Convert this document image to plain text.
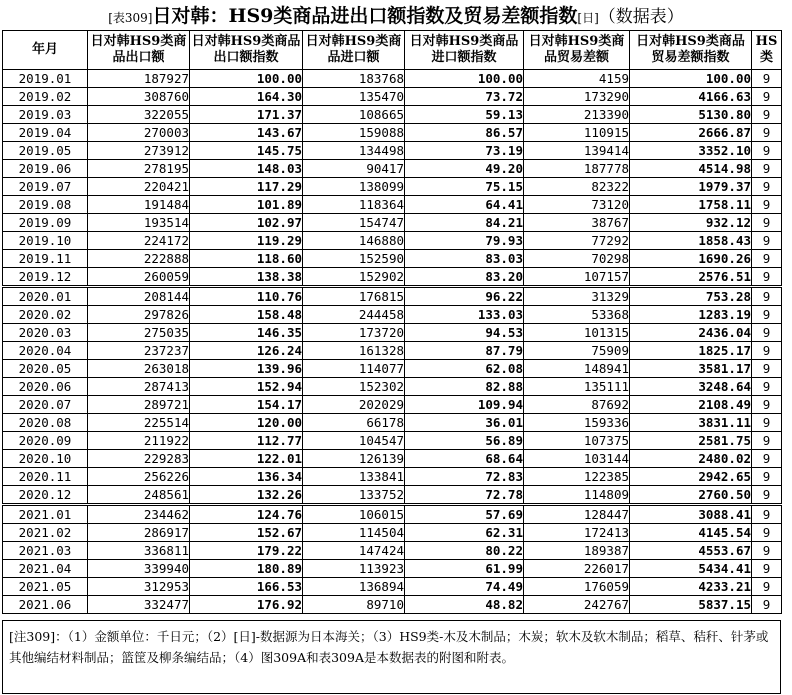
[表309]日对韩：HS9类商品进出口额指数及贸易差额指数[日]（数据表）
年月	日对韩HS9类商品出口额	日对韩HS9类商品出口额指数	日对韩HS9类商品进口额	日对韩HS9类商品进口额指数	日对韩HS9类商品贸易差额	日对韩HS9类商品贸易差额指数	HS类
2019.01	187927	100.00	183768	100.00	4159	100.00	9
2019.02	308760	164.30	135470	73.72	173290	4166.63	9
2019.03	322055	171.37	108665	59.13	213390	5130.80	9
2019.04	270003	143.67	159088	86.57	110915	2666.87	9
2019.05	273912	145.75	134498	73.19	139414	3352.10	9
2019.06	278195	148.03	90417	49.20	187778	4514.98	9
2019.07	220421	117.29	138099	75.15	82322	1979.37	9
2019.08	191484	101.89	118364	64.41	73120	1758.11	9
2019.09	193514	102.97	154747	84.21	38767	932.12	9
2019.10	224172	119.29	146880	79.93	77292	1858.43	9
2019.11	222888	118.60	152590	83.03	70298	1690.26	9
2019.12	260059	138.38	152902	83.20	107157	2576.51	9
2020.01	208144	110.76	176815	96.22	31329	753.28	9
2020.02	297826	158.48	244458	133.03	53368	1283.19	9
2020.03	275035	146.35	173720	94.53	101315	2436.04	9
2020.04	237237	126.24	161328	87.79	75909	1825.17	9
2020.05	263018	139.96	114077	62.08	148941	3581.17	9
2020.06	287413	152.94	152302	82.88	135111	3248.64	9
2020.07	289721	154.17	202029	109.94	87692	2108.49	9
2020.08	225514	120.00	66178	36.01	159336	3831.11	9
2020.09	211922	112.77	104547	56.89	107375	2581.75	9
2020.10	229283	122.01	126139	68.64	103144	2480.02	9
2020.11	256226	136.34	133841	72.83	122385	2942.65	9
2020.12	248561	132.26	133752	72.78	114809	2760.50	9
2021.01	234462	124.76	106015	57.69	128447	3088.41	9
2021.02	286917	152.67	114504	62.31	172413	4145.54	9
2021.03	336811	179.22	147424	80.22	189387	4553.67	9
2021.04	339940	180.89	113923	61.99	226017	5434.41	9
2021.05	312953	166.53	136894	74.49	176059	4233.21	9
2021.06	332477	176.92	89710	48.82	242767	5837.15	9
[注309]：（1）金额单位：千日元；（2）[日]-数据源为日本海关；（3）HS9类-木及木制品；木炭；软木及软木制品；稻草、秸秆、针茅或其他编结材料制品；篮筐及柳条编结品；（4）图309A和表309A是本数据表的附图和附表。
